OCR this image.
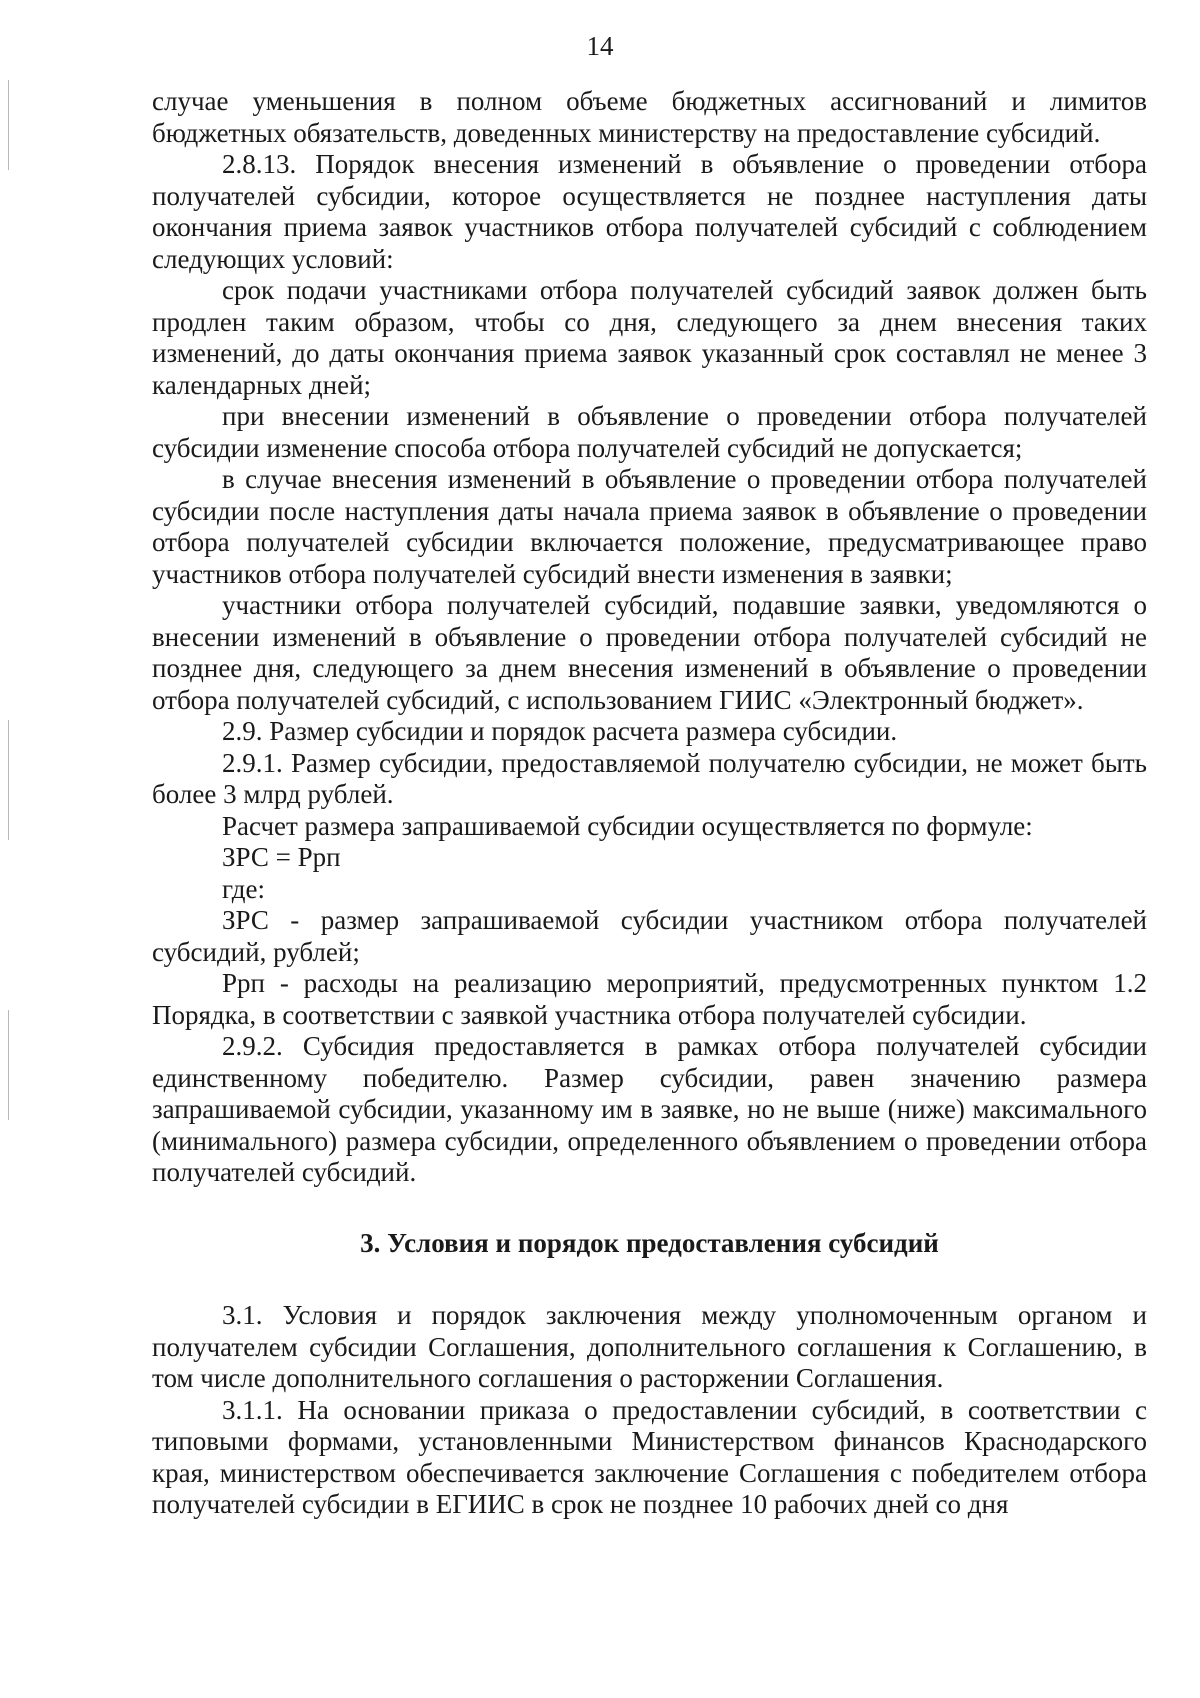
14

случае уменьшения в полном объеме бюджетных ассигнований и лимитов бюджетных обязательств, доведенных министерству на предоставление субсидий.

2.8.13. Порядок внесения изменений в объявление о проведении отбора получателей субсидии, которое осуществляется не позднее наступления даты окончания приема заявок участников отбора получателей субсидий с соблюдением следующих условий:

срок подачи участниками отбора получателей субсидий заявок должен быть продлен таким образом, чтобы со дня, следующего за днем внесения таких изменений, до даты окончания приема заявок указанный срок составлял не менее 3 календарных дней;

при внесении изменений в объявление о проведении отбора получателей субсидии изменение способа отбора получателей субсидий не допускается;

в случае внесения изменений в объявление о проведении отбора получателей субсидии после наступления даты начала приема заявок в объявление о проведении отбора получателей субсидии включается положение, предусматривающее право участников отбора получателей субсидий внести изменения в заявки;

участники отбора получателей субсидий, подавшие заявки, уведомляются о внесении изменений в объявление о проведении отбора получателей субсидий не позднее дня, следующего за днем внесения изменений в объявление о проведении отбора получателей субсидий, с использованием ГИИС «Электронный бюджет».

2.9. Размер субсидии и порядок расчета размера субсидии.

2.9.1. Размер субсидии, предоставляемой получателю субсидии, не может быть более 3 млрд рублей.

Расчет размера запрашиваемой субсидии осуществляется по формуле:

ЗРС = Ррп

где:

ЗРС - размер запрашиваемой субсидии участником отбора получателей субсидий, рублей;

Ррп - расходы на реализацию мероприятий, предусмотренных пунктом 1.2 Порядка, в соответствии с заявкой участника отбора получателей субсидии.

2.9.2. Субсидия предоставляется в рамках отбора получателей субсидии единственному победителю. Размер субсидии, равен значению размера запрашиваемой субсидии, указанному им в заявке, но не выше (ниже) максимального (минимального) размера субсидии, определенного объявлением о проведении отбора получателей субсидий.

3. Условия и порядок предоставления субсидий

3.1. Условия и порядок заключения между уполномоченным органом и получателем субсидии Соглашения, дополнительного соглашения к Соглашению, в том числе дополнительного соглашения о расторжении Соглашения.

3.1.1. На основании приказа о предоставлении субсидий, в соответствии с типовыми формами, установленными Министерством финансов Краснодарского края, министерством обеспечивается заключение Соглашения с победителем отбора получателей субсидии в ЕГИИС в срок не позднее 10 рабочих дней со дня
